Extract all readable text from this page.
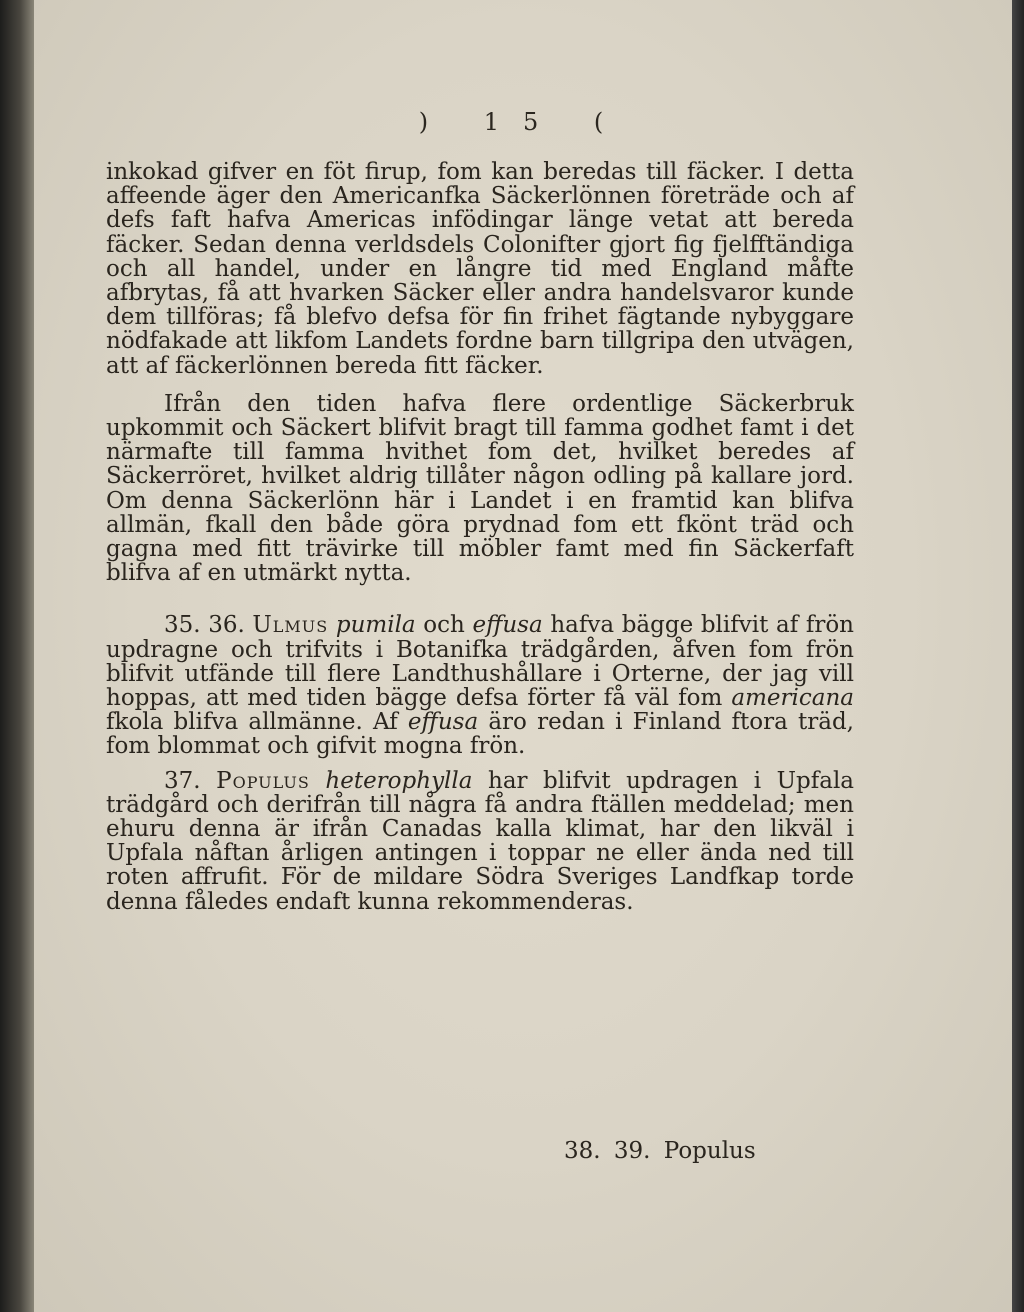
) 15 (

inkokad gifver en föt firup, fom kan beredas till fäcker. I detta affeende äger den Americanfka Säckerlönnen företräde och af defs faft hafva Americas infödingar länge vetat att bereda fäcker. Sedan denna verldsdels Colonifter gjort fig fjelfftändiga och all handel, under en långre tid med England måfte afbrytas, få att hvarken Säcker eller andra handelsvaror kunde dem tillföras; få blefvo defsa för fin frihet fägtande nybyggare nödfakade att likfom Landets fordne barn tillgripa den utvägen, att af fäckerlönnen bereda fitt fäcker.

Ifrån den tiden hafva flere ordentlige Säckerbruk upkommit och Säckert blifvit bragt till famma godhet famt i det närmafte till famma hvithet fom det, hvilket beredes af Säckerröret, hvilket aldrig tillåter någon odling på kallare jord. Om denna Säckerlönn här i Landet i en framtid kan blifva allmän, fkall den både göra prydnad fom ett fkönt träd och gagna med fitt trävirke till möbler famt med fin Säckerfaft blifva af en utmärkt nytta.

35. 36. Ulmus pumila och effusa hafva bägge blifvit af frön updragne och trifvits i Botanifka trädgården, åfven fom frön blifvit utfände till flere Landthushållare i Orterne, der jag vill hoppas, att med tiden bägge defsa förter få väl fom americana fkola blifva allmänne. Af effusa äro redan i Finland ftora träd, fom blommat och gifvit mogna frön.

37. Populus heterophylla har blifvit updragen i Upfala trädgård och derifrån till några få andra ftällen meddelad; men ehuru denna är ifrån Canadas kalla klimat, har den likväl i Upfala nåftan årligen antingen i toppar ne eller ända ned till roten affrufit. För de mildare Södra Sveriges Landfkap torde denna fåledes endaft kunna rekommenderas.

38. 39. Populus
